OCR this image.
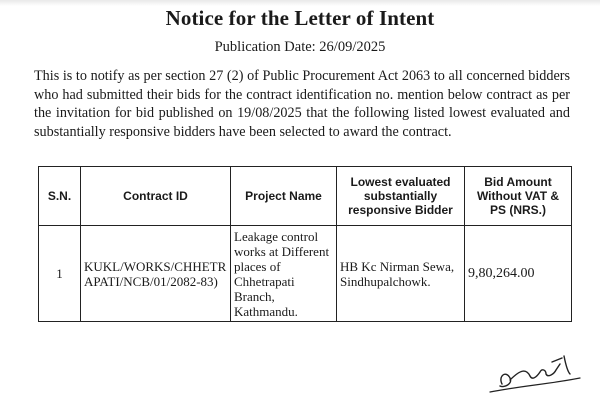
Notice for the Letter of Intent
Publication Date: 26/09/2025
This is to notify as per section 27 (2) of Public Procurement Act 2063 to all concerned bidders who had submitted their bids for the contract identification no. mention below contract as per the invitation for bid published on 19/08/2025 that the following listed lowest evaluated and substantially responsive bidders have been selected to award the contract.
S.N.	Contract ID	Project Name	Lowest evaluated substantially responsive Bidder	Bid Amount Without VAT & PS (NRS.)
1	KUKL/WORKS/CHHETRAPATI/NCB/01/2082-83)	Leakage control works at Different places of Chhetrapati Branch, Kathmandu.	HB Kc Nirman Sewa, Sindhupalchowk.	9,80,264.00
